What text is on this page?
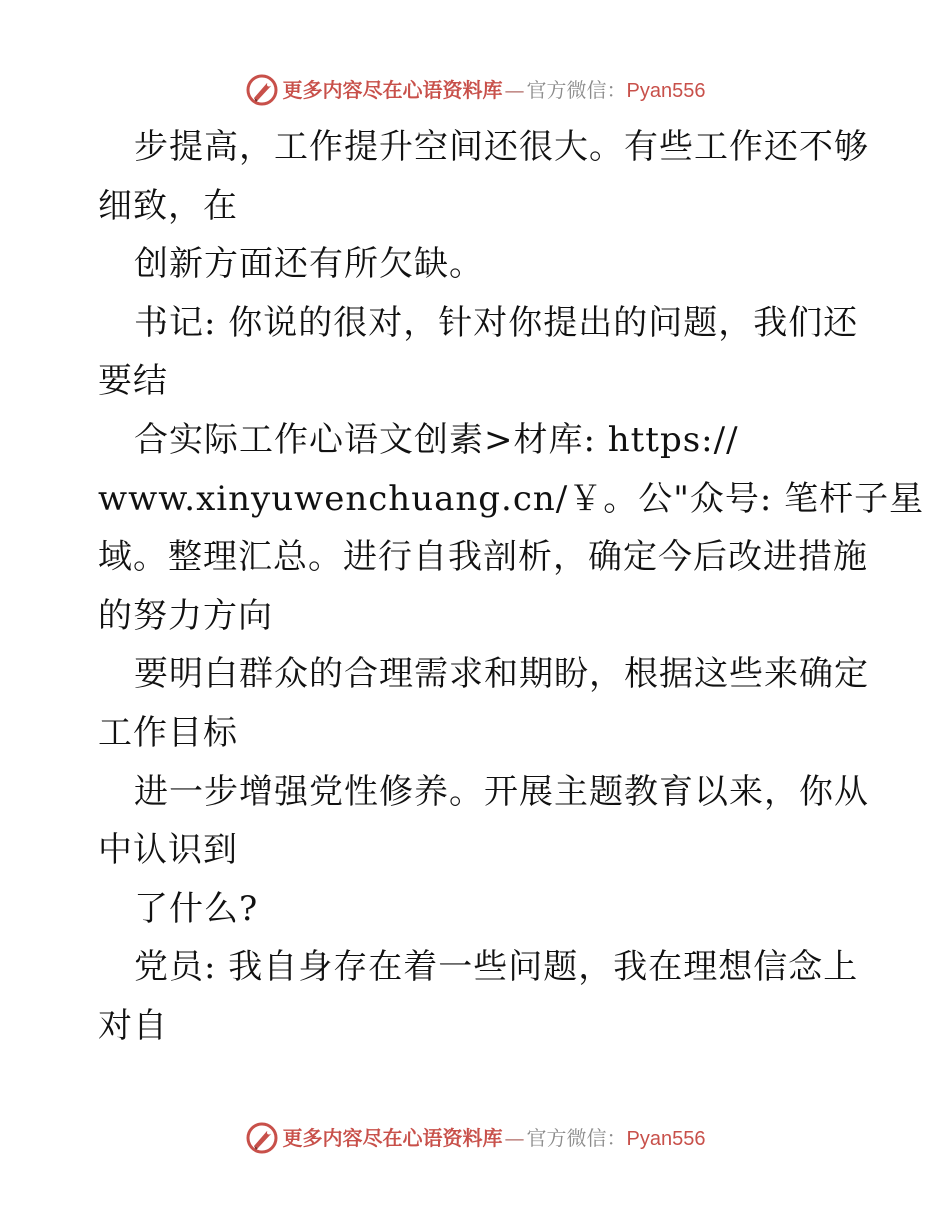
更多内容尽在心语资料库 — 官方微信： Pyan556
步提高，工作提升空间还很大。有些工作还不够
细致，在
创新方面还有所欠缺。
书记: 你说的很对，针对你提出的问题，我们还
要结
合实际工作心语文创素>材库: https://
www.xinyuwenchuang.cn/￥。公"众号: 笔杆子星
域。整理汇总。进行自我剖析，确定今后改进措施
的努力方向
要明白群众的合理需求和期盼，根据这些来确定
工作目标
进一步增强党性修养。开展主题教育以来，你从
中认识到
了什么?
党员: 我自身存在着一些问题，我在理想信念上
对自
更多内容尽在心语资料库 — 官方微信： Pyan556
